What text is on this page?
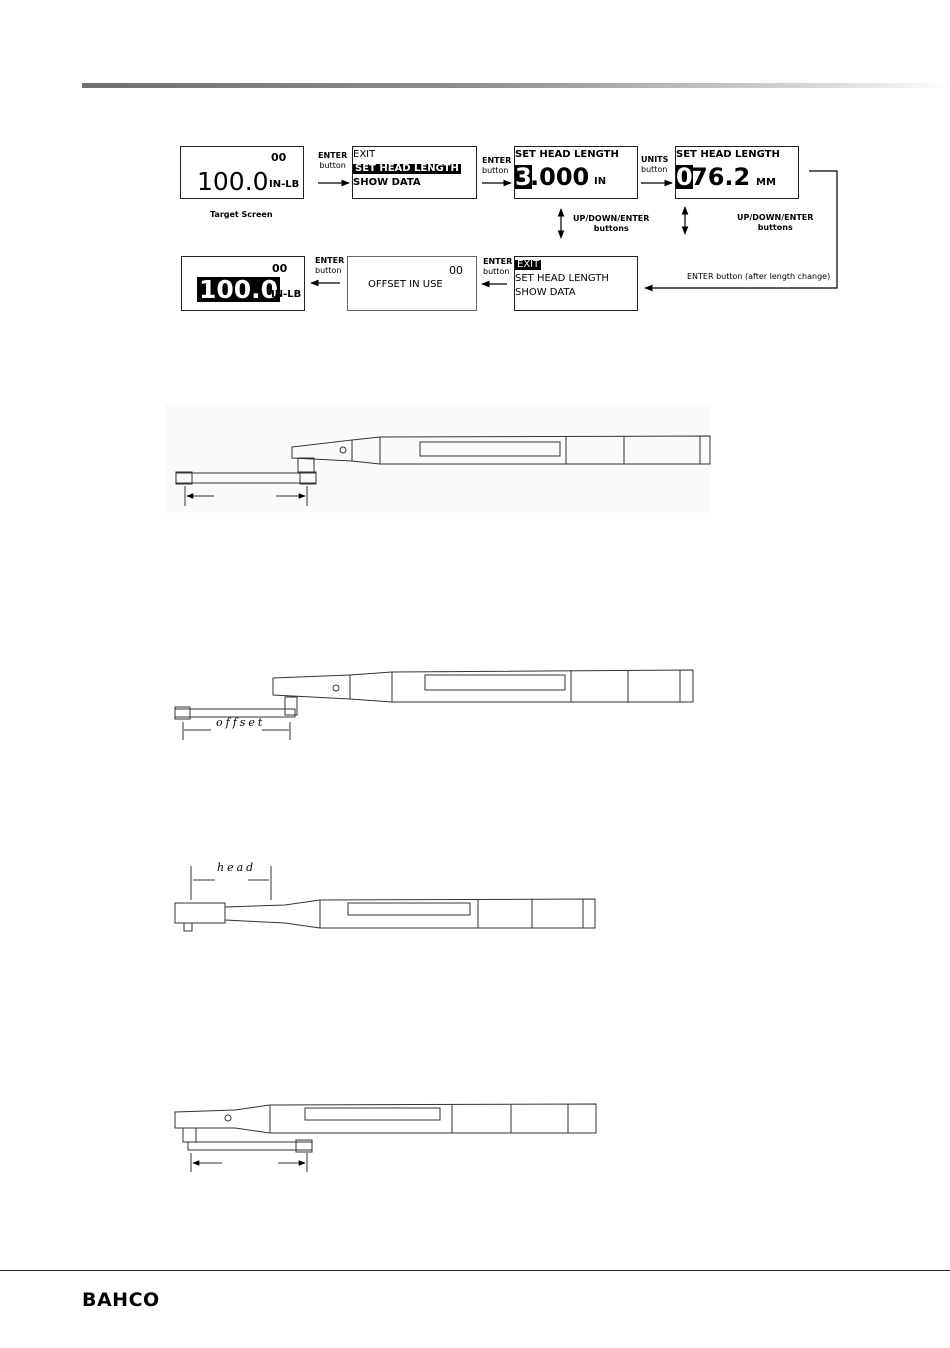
00
100.0 IN-LB
Target Screen
ENTER
button
EXIT
SET HEAD LENGTH
SHOW DATA
ENTER
button
SET HEAD LENGTH
3
.000 IN
UNITS
button
SET HEAD LENGTH
0
76.2 MM
UP/DOWN/ENTER
buttons
UP/DOWN/ENTER
buttons
ENTER button (after length change)
EXIT
SET HEAD LENGTH
SHOW DATA
ENTER
button
00
OFFSET IN USE
ENTER
button
00
100.0
IN-LB
offset
head
BAHCO
